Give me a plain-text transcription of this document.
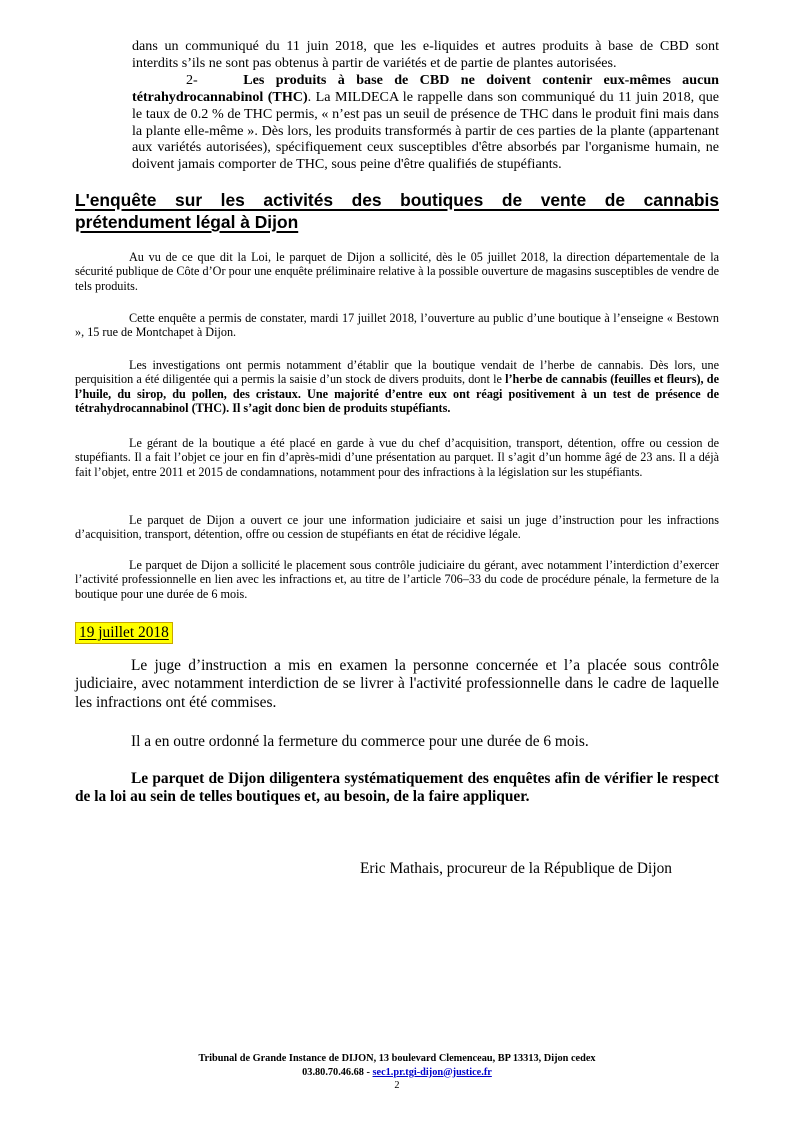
dans un communiqué du 11 juin 2018, que les e-liquides et autres produits à base de CBD sont

interdits s’ils ne sont pas obtenus à partir de variétés et de partie de plantes autorisées.

2-	Les produits à base de CBD ne doivent contenir eux-mêmes aucun

tétrahydrocannabinol (THC). La MILDECA le rappelle dans son communiqué du 11 juin 2018, que le taux de 0.2 % de THC permis, « n’est pas un seuil de présence de THC dans le produit fini mais dans la plante elle-même ». Dès lors, les produits transformés à partir de ces parties de la plante (appartenant aux variétés autorisées), spécifiquement ceux susceptibles d'être absorbés par l'organisme humain, ne doivent jamais comporter de THC, sous peine d'être qualifiés de stupéfiants.

L'enquête sur les activités des boutiques de vente de cannabis

prétendument légal à Dijon

Au vu de ce que dit la Loi, le parquet de Dijon a sollicité, dès le 05 juillet 2018, la direction départementale de la sécurité publique de Côte d’Or pour une enquête préliminaire relative à la possible ouverture de magasins susceptibles de vendre de tels produits.

Cette enquête a permis de constater, mardi 17 juillet 2018, l’ouverture au public d’une boutique à l’enseigne « Bestown », 15 rue de Montchapet à Dijon.

Les investigations ont permis notamment d’établir que la boutique vendait de l’herbe de cannabis. Dès lors, une perquisition a été diligentée qui a permis la saisie d’un stock de divers produits, dont le l’herbe de cannabis (feuilles et fleurs), de l’huile, du sirop, du pollen, des cristaux. Une majorité d’entre eux ont réagi positivement à un test de présence de tétrahydrocannabinol (THC). Il s’agit donc bien de produits stupéfiants.

Le gérant de la boutique a été placé en garde à vue du chef d’acquisition, transport, détention, offre ou cession de stupéfiants. Il a fait l’objet ce jour en fin d’après-midi d’une présentation au parquet. Il s’agit d’un homme âgé de 23 ans. Il a déjà fait l’objet, entre 2011 et 2015 de condamnations, notamment pour des infractions à la législation sur les stupéfiants.

Le parquet de Dijon a ouvert ce jour une information judiciaire et saisi un juge d’instruction pour les infractions d’acquisition, transport, détention, offre ou cession de stupéfiants en état de récidive légale.

Le parquet de Dijon a sollicité le placement sous contrôle judiciaire du gérant, avec notamment l’interdiction d’exercer l’activité professionnelle en lien avec les infractions et, au titre de l’article 706–33 du code de procédure pénale, la fermeture de la boutique pour une durée de 6 mois.

19 juillet 2018

Le juge d’instruction a mis en examen la personne concernée et l’a placée sous contrôle judiciaire, avec notamment interdiction de se livrer à l'activité professionnelle dans le cadre de laquelle les infractions ont été commises.

Il a en outre ordonné la fermeture du commerce pour une durée de 6 mois.

Le parquet de Dijon diligentera systématiquement des enquêtes afin de vérifier le respect de la loi au sein de telles boutiques et, au besoin, de la faire appliquer.

Eric Mathais, procureur de la République de Dijon
Tribunal de Grande Instance de DIJON, 13 boulevard Clemenceau, BP 13313, Dijon cedex
03.80.70.46.68 - sec1.pr.tgi-dijon@justice.fr
2
